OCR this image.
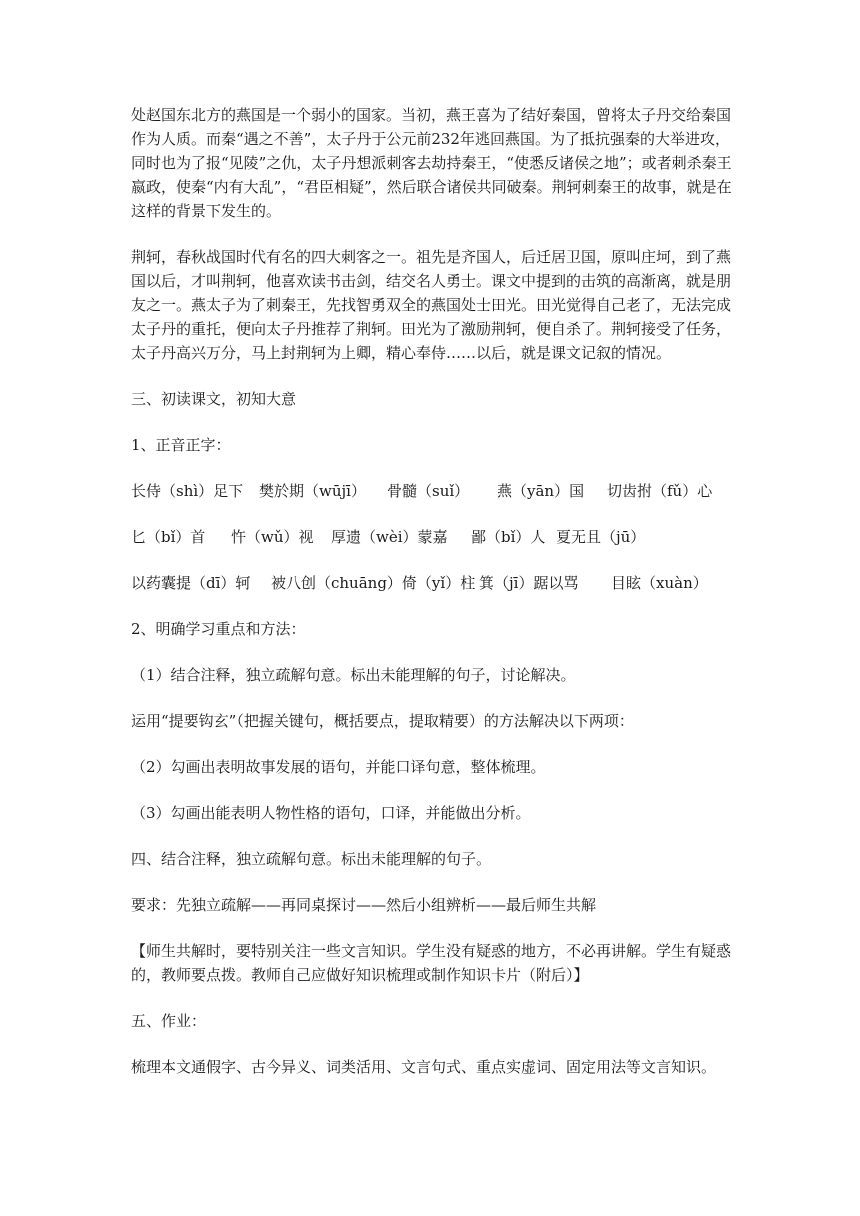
处赵国东北方的燕国是一个弱小的国家。当初，燕王喜为了结好秦国，曾将太子丹交给秦国作为人质。而秦“遇之不善”，太子丹于公元前232年逃回燕国。为了抵抗强秦的大举进攻，同时也为了报“见陵”之仇，太子丹想派刺客去劫持秦王，“使悉反诸侯之地”；或者刺杀秦王嬴政，使秦“内有大乱”，“君臣相疑”，然后联合诸侯共同破秦。荆轲刺秦王的故事，就是在这样的背景下发生的。

荆轲，春秋战国时代有名的四大刺客之一。祖先是齐国人，后迁居卫国，原叫庄坷，到了燕国以后，才叫荆轲，他喜欢读书击剑，结交名人勇士。课文中提到的击筑的高渐离，就是朋友之一。燕太子为了刺秦王，先找智勇双全的燕国处士田光。田光觉得自己老了，无法完成太子丹的重托，便向太子丹推荐了荆轲。田光为了激励荆轲，便自杀了。荆轲接受了任务，太子丹高兴万分，马上封荆轲为上卿，精心奉侍……以后，就是课文记叙的情况。

三、初读课文，初知大意

1、正音正字：

长侍（shì）足下 樊於期（wūjī） 骨髓（suǐ） 燕（yān）国 切齿拊（fǔ）心

匕（bǐ）首 忤（wǔ）视 厚遗（wèi）蒙嘉 鄙（bǐ）人 夏无且（jū）

以药囊提（dī）轲 被八创（chuāng）倚（yǐ）柱 箕（jī）踞以骂 目眩（xuàn）

2、明确学习重点和方法：

（1）结合注释，独立疏解句意。标出未能理解的句子，讨论解决。

运用“提要钩玄”（把握关键句，概括要点，提取精要）的方法解决以下两项：

（2）勾画出表明故事发展的语句，并能口译句意，整体梳理。

（3）勾画出能表明人物性格的语句，口译，并能做出分析。

四、结合注释，独立疏解句意。标出未能理解的句子。

要求：先独立疏解——再同桌探讨——然后小组辨析——最后师生共解

【师生共解时，要特别关注一些文言知识。学生没有疑惑的地方，不必再讲解。学生有疑惑的，教师要点拨。教师自己应做好知识梳理或制作知识卡片（附后）】

五、作业：

梳理本文通假字、古今异义、词类活用、文言句式、重点实虚词、固定用法等文言知识。
